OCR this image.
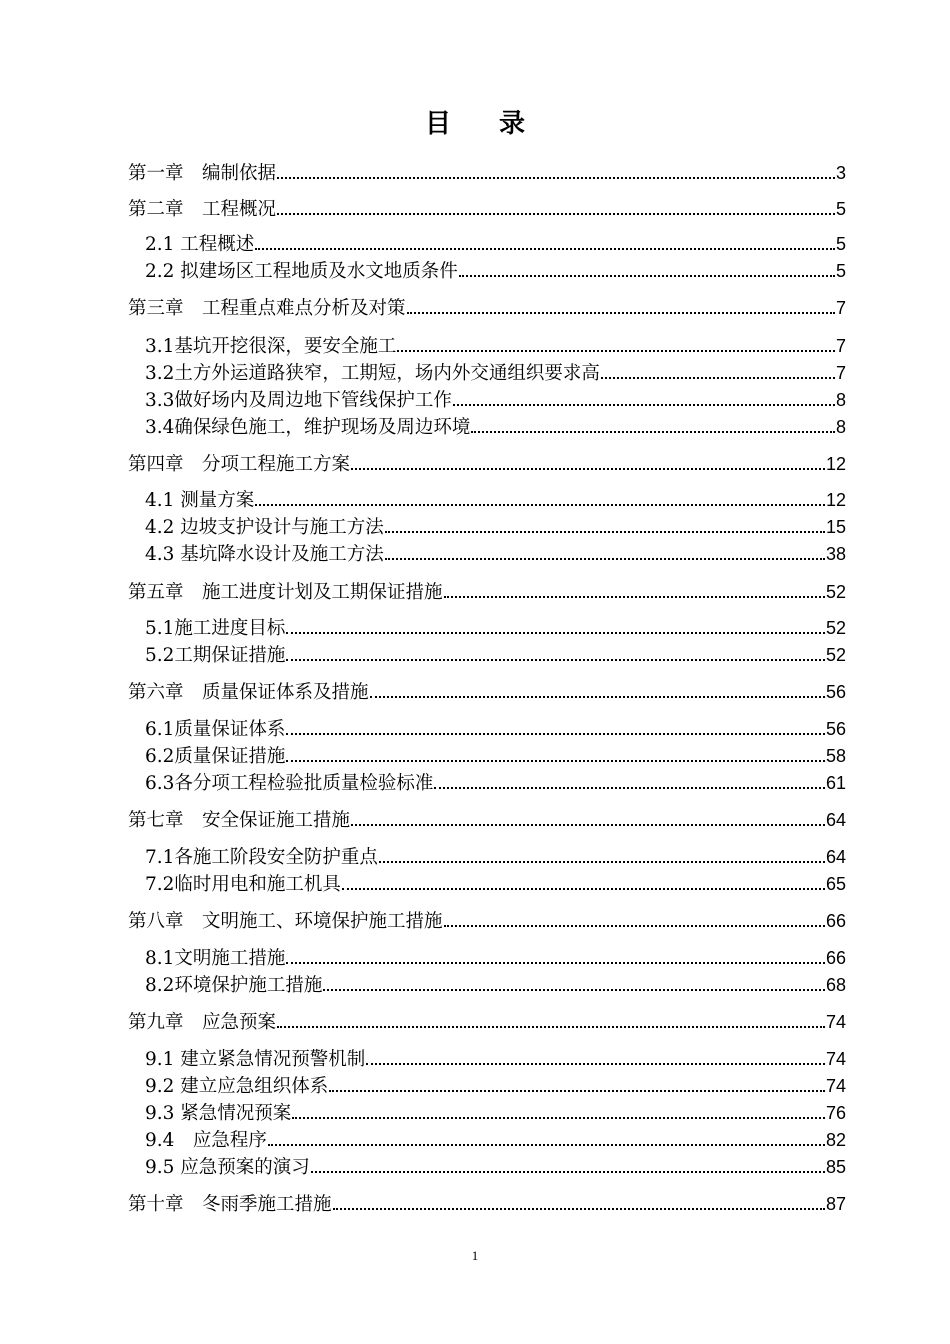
目 录
第一章　编制依据	3
第二章　工程概况	5
2.1 工程概述	5
2.2 拟建场区工程地质及水文地质条件	5
第三章　工程重点难点分析及对策	7
3.1基坑开挖很深，要安全施工	7
3.2土方外运道路狭窄，工期短，场内外交通组织要求高	7
3.3做好场内及周边地下管线保护工作	8
3.4确保绿色施工，维护现场及周边环境	8
第四章　分项工程施工方案	12
4.1 测量方案	12
4.2 边坡支护设计与施工方法	15
4.3 基坑降水设计及施工方法	38
第五章　施工进度计划及工期保证措施	52
5.1施工进度目标	52
5.2工期保证措施	52
第六章　质量保证体系及措施	56
6.1质量保证体系	56
6.2质量保证措施	58
6.3各分项工程检验批质量检验标准	61
第七章　安全保证施工措施	64
7.1各施工阶段安全防护重点	64
7.2临时用电和施工机具	65
第八章　文明施工、环境保护施工措施	66
8.1文明施工措施	66
8.2环境保护施工措施	68
第九章　应急预案	74
9.1 建立紧急情况预警机制	74
9.2 建立应急组织体系	74
9.3 紧急情况预案	76
9.4　应急程序	82
9.5 应急预案的演习	85
第十章　冬雨季施工措施	87
1
